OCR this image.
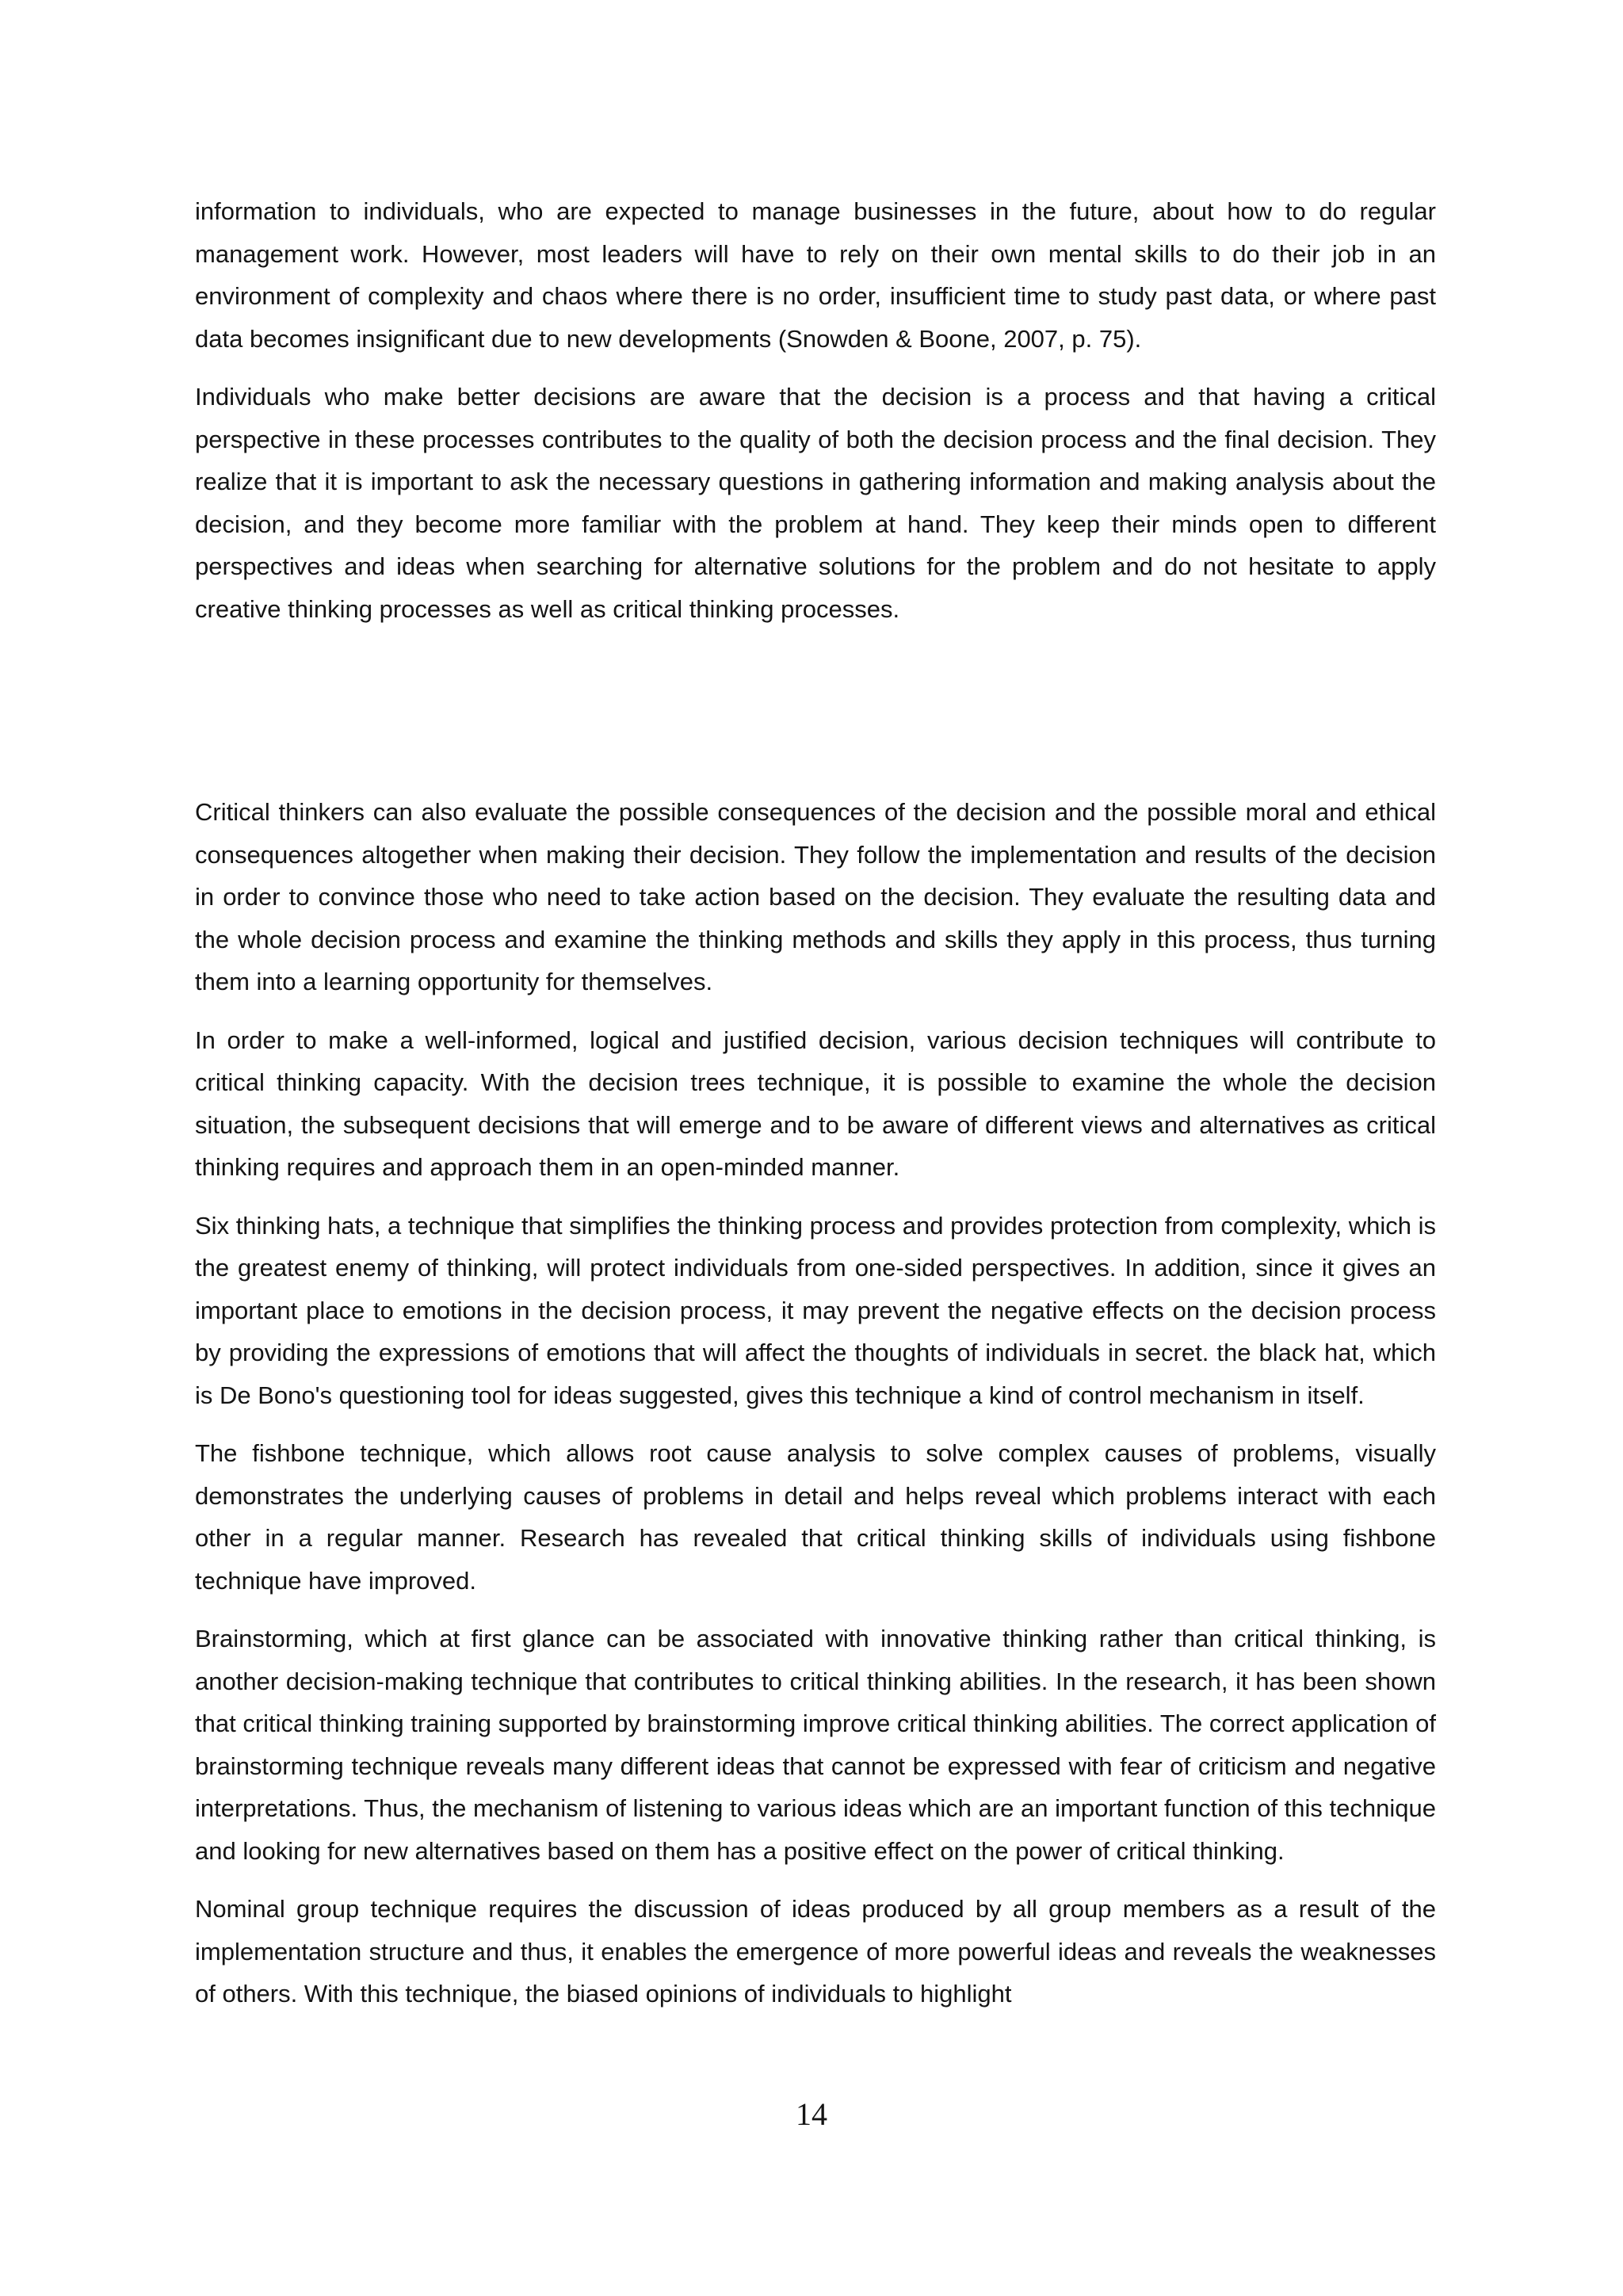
information to individuals, who are expected to manage businesses in the future, about how to do regular management work. However, most leaders will have to rely on their own mental skills to do their job in an environment of complexity and chaos where there is no order, insufficient time to study past data, or where past data becomes insignificant due to new developments (Snowden & Boone, 2007, p. 75).

Individuals who make better decisions are aware that the decision is a process and that having a critical perspective in these processes contributes to the quality of both the decision process and the final decision. They realize that it is important to ask the necessary questions in gathering information and making analysis about the decision, and they become more familiar with the problem at hand. They keep their minds open to different perspectives and ideas when searching for alternative solutions for the problem and do not hesitate to apply creative thinking processes as well as critical thinking processes.

Critical thinkers can also evaluate the possible consequences of the decision and the possible moral and ethical consequences altogether when making their decision. They follow the implementation and results of the decision in order to convince those who need to take action based on the decision. They evaluate the resulting data and the whole decision process and examine the thinking methods and skills they apply in this process, thus turning them into a learning opportunity for themselves.

In order to make a well-informed, logical and justified decision, various decision techniques will contribute to critical thinking capacity. With the decision trees technique, it is possible to examine the whole the decision situation, the subsequent decisions that will emerge and to be aware of different views and alternatives as critical thinking requires and approach them in an open-minded manner.

Six thinking hats, a technique that simplifies the thinking process and provides protection from complexity, which is the greatest enemy of thinking, will protect individuals from one-sided perspectives. In addition, since it gives an important place to emotions in the decision process, it may prevent the negative effects on the decision process by providing the expressions of emotions that will affect the thoughts of individuals in secret. the black hat, which is De Bono's questioning tool for ideas suggested, gives this technique a kind of control mechanism in itself.

The fishbone technique, which allows root cause analysis to solve complex causes of problems, visually demonstrates the underlying causes of problems in detail and helps reveal which problems interact with each other in a regular manner. Research has revealed that critical thinking skills of individuals using fishbone technique have improved.

Brainstorming, which at first glance can be associated with innovative thinking rather than critical thinking, is another decision-making technique that contributes to critical thinking abilities. In the research, it has been shown that critical thinking training supported by brainstorming improve critical thinking abilities. The correct application of brainstorming technique reveals many different ideas that cannot be expressed with fear of criticism and negative interpretations. Thus, the mechanism of listening to various ideas which are an important function of this technique and looking for new alternatives based on them has a positive effect on the power of critical thinking.

Nominal group technique requires the discussion of ideas produced by all group members as a result of the implementation structure and thus, it enables the emergence of more powerful ideas and reveals the weaknesses of others. With this technique, the biased opinions of individuals to highlight

14
